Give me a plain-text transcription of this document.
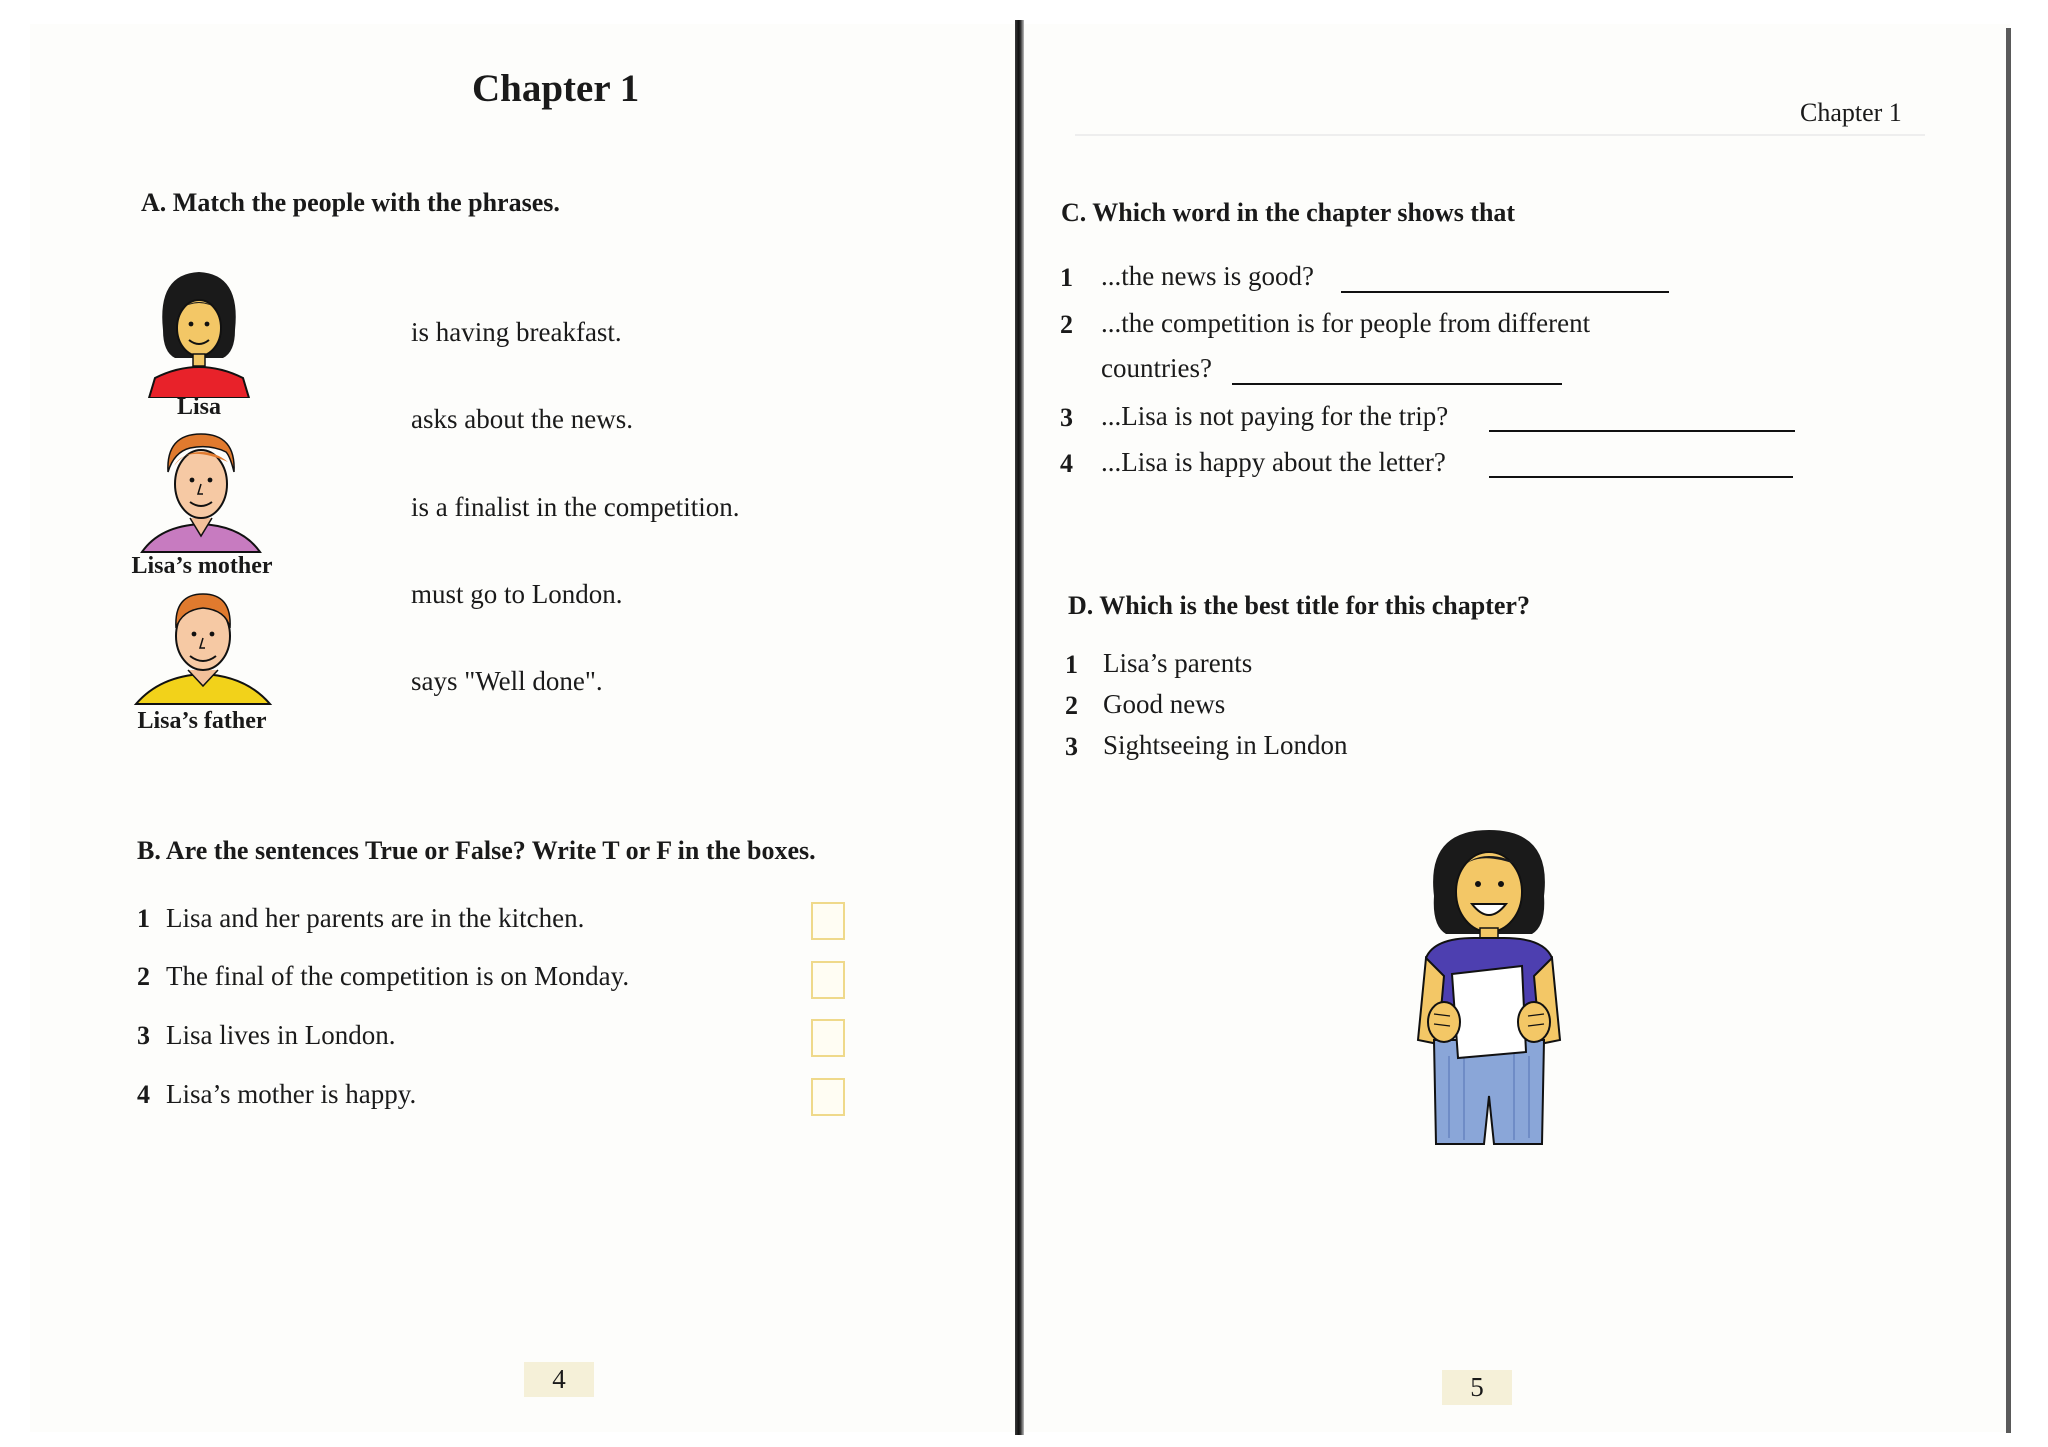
Chapter 1
A. Match the people with the phrases.
Lisa
Lisa’s mother
Lisa’s father
is having breakfast.
asks about the news.
is a finalist in the competition.
must go to London.
says "Well done".
B. Are the sentences True or False? Write T or F in the boxes.
1 Lisa and her parents are in the kitchen.
2 The final of the competition is on Monday.
3 Lisa lives in London.
4 Lisa’s mother is happy.
4
Chapter 1
C. Which word in the chapter shows that
1 ...the news is good?
2 ...the competition is for people from different
countries?
3 ...Lisa is not paying for the trip?
4 ...Lisa is happy about the letter?
D. Which is the best title for this chapter?
1 Lisa’s parents
2 Good news
3 Sightseeing in London
5
